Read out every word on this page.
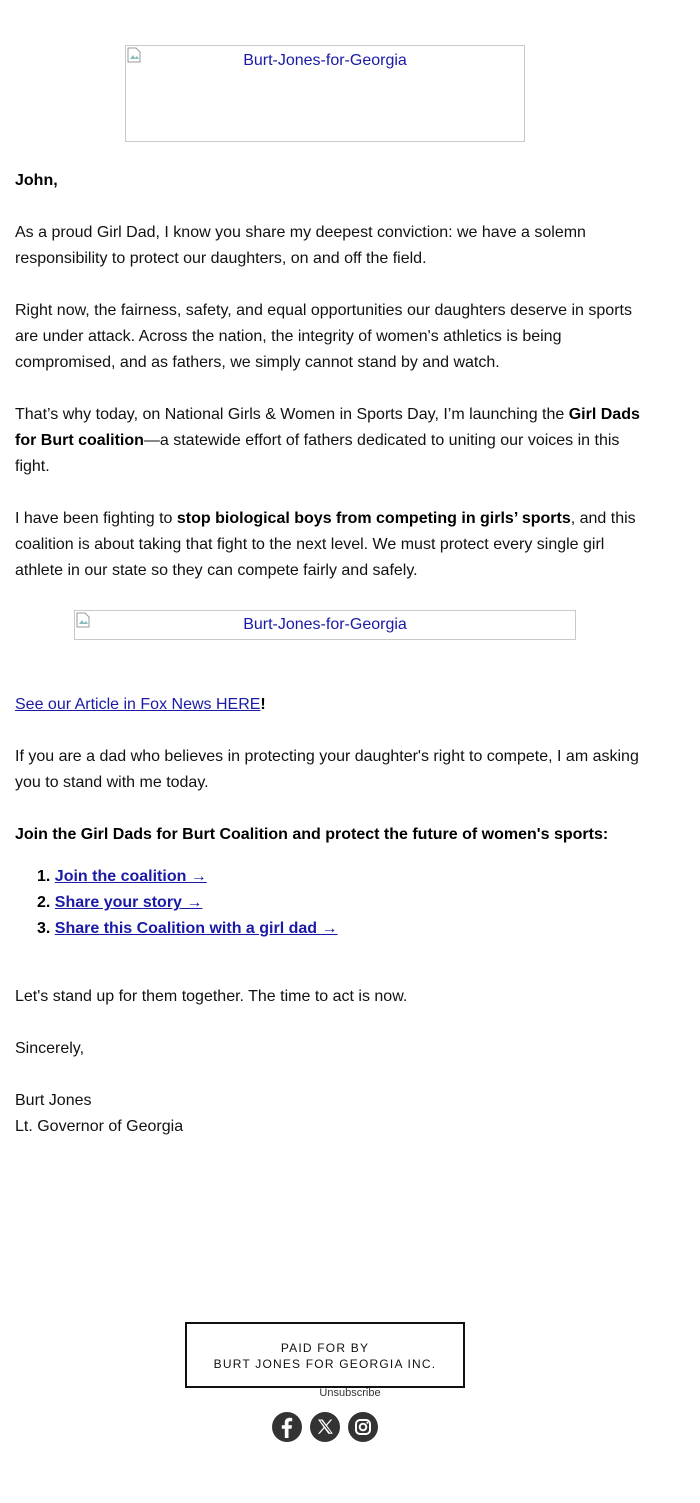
Burt-Jones-for-Georgia

John,

As a proud Girl Dad, I know you share my deepest conviction: we have a solemn responsibility to protect our daughters, on and off the field.

Right now, the fairness, safety, and equal opportunities our daughters deserve in sports are under attack. Across the nation, the integrity of women's athletics is being compromised, and as fathers, we simply cannot stand by and watch.

That’s why today, on National Girls & Women in Sports Day, I’m launching the Girl Dads for Burt coalition—a statewide effort of fathers dedicated to uniting our voices in this fight.

I have been fighting to stop biological boys from competing in girls’ sports, and this coalition is about taking that fight to the next level. We must protect every single girl athlete in our state so they can compete fairly and safely.

Burt-Jones-for-Georgia

See our Article in Fox News HERE!

If you are a dad who believes in protecting your daughter's right to compete, I am asking you to stand with me today.

Join the Girl Dads for Burt Coalition and protect the future of women's sports:

1. Join the coalition →
2. Share your story →
3. Share this Coalition with a girl dad →

Let's stand up for them together. The time to act is now.

Sincerely,

Burt Jones

Lt. Governor of Georgia

PAID FOR BY
BURT JONES FOR GEORGIA INC.
Unsubscribe
